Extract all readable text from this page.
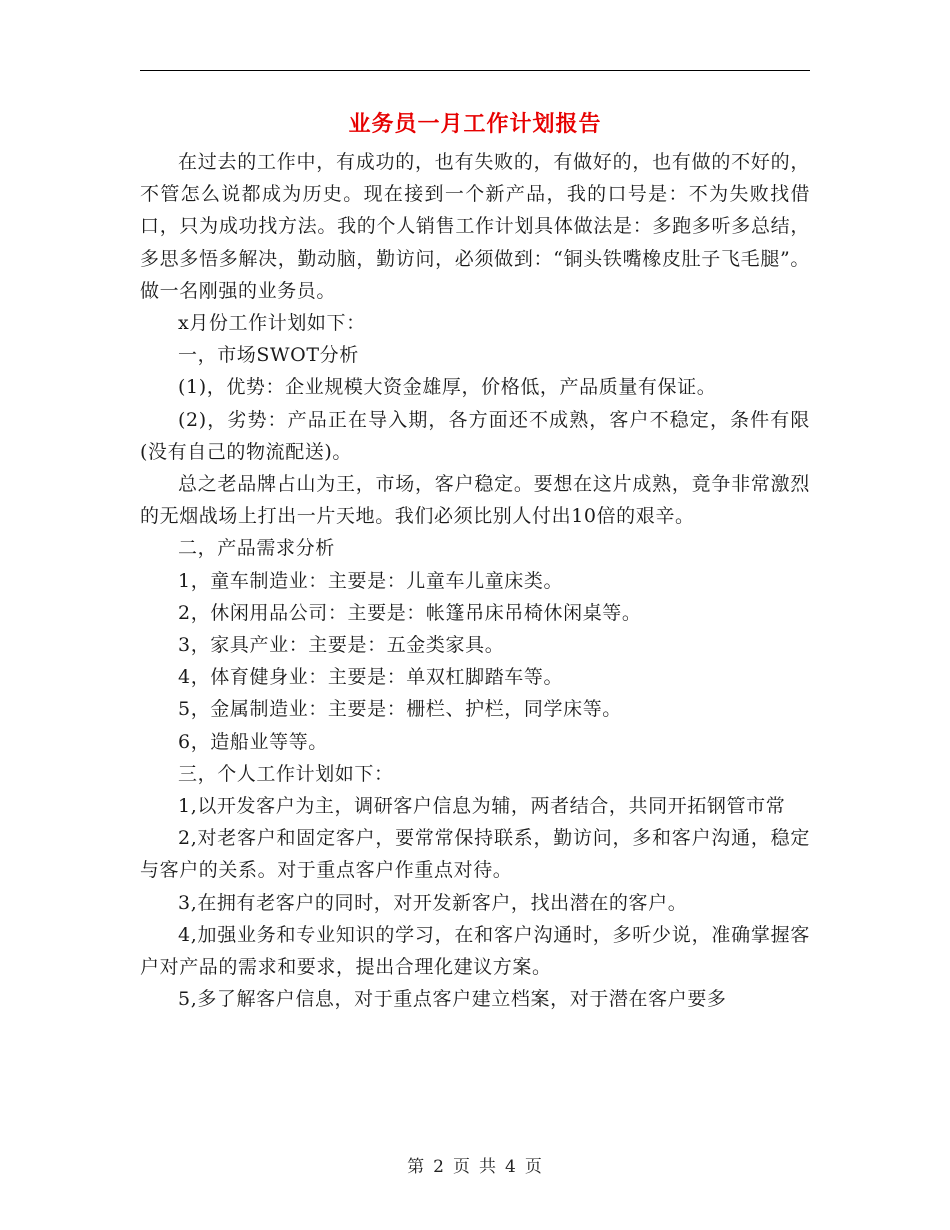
业务员一月工作计划报告

在过去的工作中，有成功的，也有失败的，有做好的，也有做的不好的，不管怎么说都成为历史。现在接到一个新产品，我的口号是：不为失败找借口，只为成功找方法。我的个人销售工作计划具体做法是：多跑多听多总结，多思多悟多解决，勤动脑，勤访问，必须做到：“铜头铁嘴橡皮肚子飞毛腿”。做一名刚强的业务员。

x月份工作计划如下：

一，市场SWOT分析

(1)，优势：企业规模大资金雄厚，价格低，产品质量有保证。

(2)，劣势：产品正在导入期，各方面还不成熟，客户不稳定，条件有限(没有自己的物流配送)。

总之老品牌占山为王，市场，客户稳定。要想在这片成熟，竟争非常激烈的无烟战场上打出一片天地。我们必须比别人付出10倍的艰辛。

二，产品需求分析

1，童车制造业：主要是：儿童车儿童床类。

2，休闲用品公司：主要是：帐篷吊床吊椅休闲桌等。

3，家具产业：主要是：五金类家具。

4，体育健身业：主要是：单双杠脚踏车等。

5，金属制造业：主要是：栅栏、护栏，同学床等。

6，造船业等等。

三，个人工作计划如下：

1,以开发客户为主，调研客户信息为辅，两者结合，共同开拓钢管市常

2,对老客户和固定客户，要常常保持联系，勤访问，多和客户沟通，稳定与客户的关系。对于重点客户作重点对待。

3,在拥有老客户的同时，对开发新客户，找出潜在的客户。

4,加强业务和专业知识的学习，在和客户沟通时，多听少说，准确掌握客户对产品的需求和要求，提出合理化建议方案。

5,多了解客户信息，对于重点客户建立档案，对于潜在客户要多

第 2 页 共 4 页
